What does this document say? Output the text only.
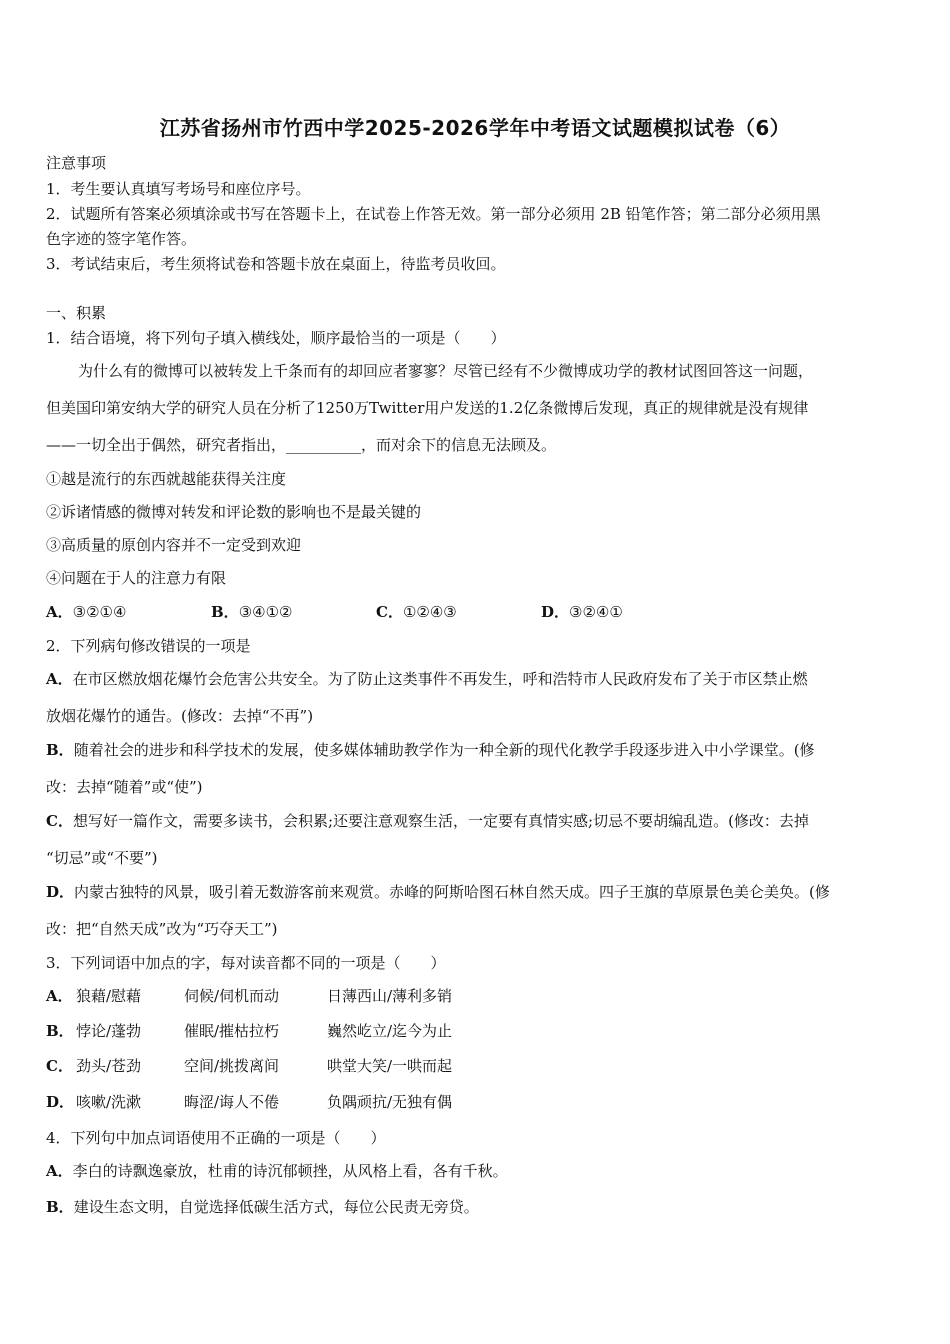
江苏省扬州市竹西中学2025-2026学年中考语文试题模拟试卷（6）

注意事项

1．考生要认真填写考场号和座位序号。

2．试题所有答案必须填涂或书写在答题卡上，在试卷上作答无效。第一部分必须用 2B 铅笔作答；第二部分必须用黑

色字迹的签字笔作答。

3．考试结束后，考生须将试卷和答题卡放在桌面上，待监考员收回。

一、积累

1．结合语境，将下列句子填入横线处，顺序最恰当的一项是（　　）

为什么有的微博可以被转发上千条而有的却回应者寥寥？尽管已经有不少微博成功学的教材试图回答这一问题，

但美国印第安纳大学的研究人员在分析了1250万Twitter用户发送的1.2亿条微博后发现，真正的规律就是没有规律

——一切全出于偶然，研究者指出，__________，而对余下的信息无法顾及。

①越是流行的东西就越能获得关注度

②诉诸情感的微博对转发和评论数的影响也不是最关键的

③高质量的原创内容并不一定受到欢迎

④问题在于人的注意力有限

A．③②①④	B．③④①②	C．①②④③	D．③②④①

2．下列病句修改错误的一项是

A．在市区燃放烟花爆竹会危害公共安全。为了防止这类事件不再发生，呼和浩特市人民政府发布了关于市区禁止燃

放烟花爆竹的通告。(修改：去掉“不再”)

B．随着社会的进步和科学技术的发展，使多媒体辅助教学作为一种全新的现代化教学手段逐步进入中小学课堂。(修

改：去掉“随着”或“使”)

C．想写好一篇作文，需要多读书，会积累;还要注意观察生活，一定要有真情实感;切忌不要胡编乱造。(修改：去掉

“切忌”或“不要”)

D．内蒙古独特的风景，吸引着无数游客前来观赏。赤峰的阿斯哈图石林自然天成。四子王旗的草原景色美仑美奂。(修

改：把“自然天成”改为“巧夺天工”)

3．下列词语中加点的字，每对读音都不同的一项是（　　）

A． 狼藉/慰藉	伺候/伺机而动	日薄西山/薄利多销
B． 悖论/蓬勃	催眠/摧枯拉朽	巍然屹立/迄今为止
C． 劲头/苍劲	空间/挑拨离间	哄堂大笑/一哄而起
D． 咳嗽/洗漱	晦涩/诲人不倦	负隅顽抗/无独有偶

4．下列句中加点词语使用不正确的一项是（　　）

A．李白的诗飘逸豪放，杜甫的诗沉郁顿挫，从风格上看，各有千秋。

B．建设生态文明，自觉选择低碳生活方式，每位公民责无旁贷。
